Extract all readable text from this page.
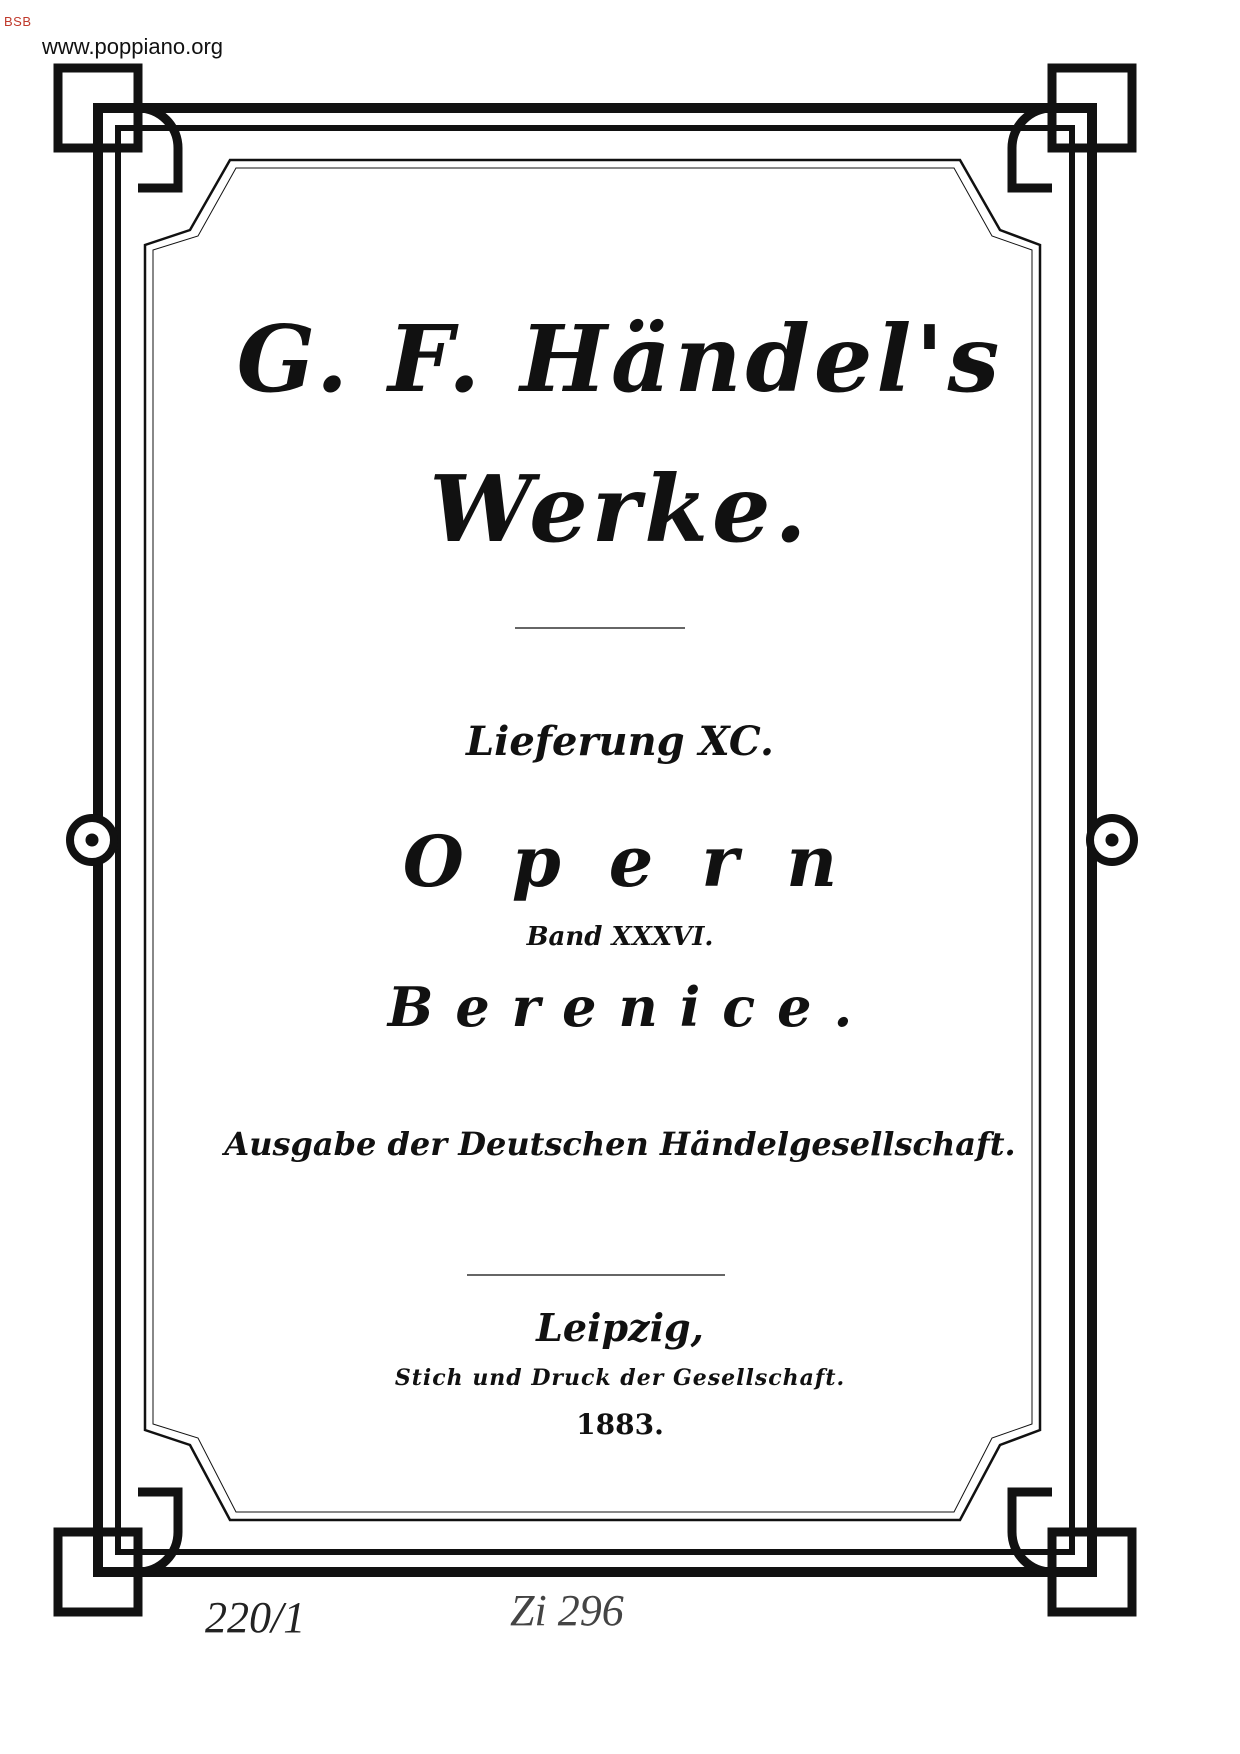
BSB
www.poppiano.org
G. F. Händel's
Werke.
Lieferung XC.
Opern
Band XXXVI.
Berenice.
Ausgabe der Deutschen Händelgesellschaft.
Leipzig,
Stich und Druck der Gesellschaft.
1883.
220/1	Zi 296
